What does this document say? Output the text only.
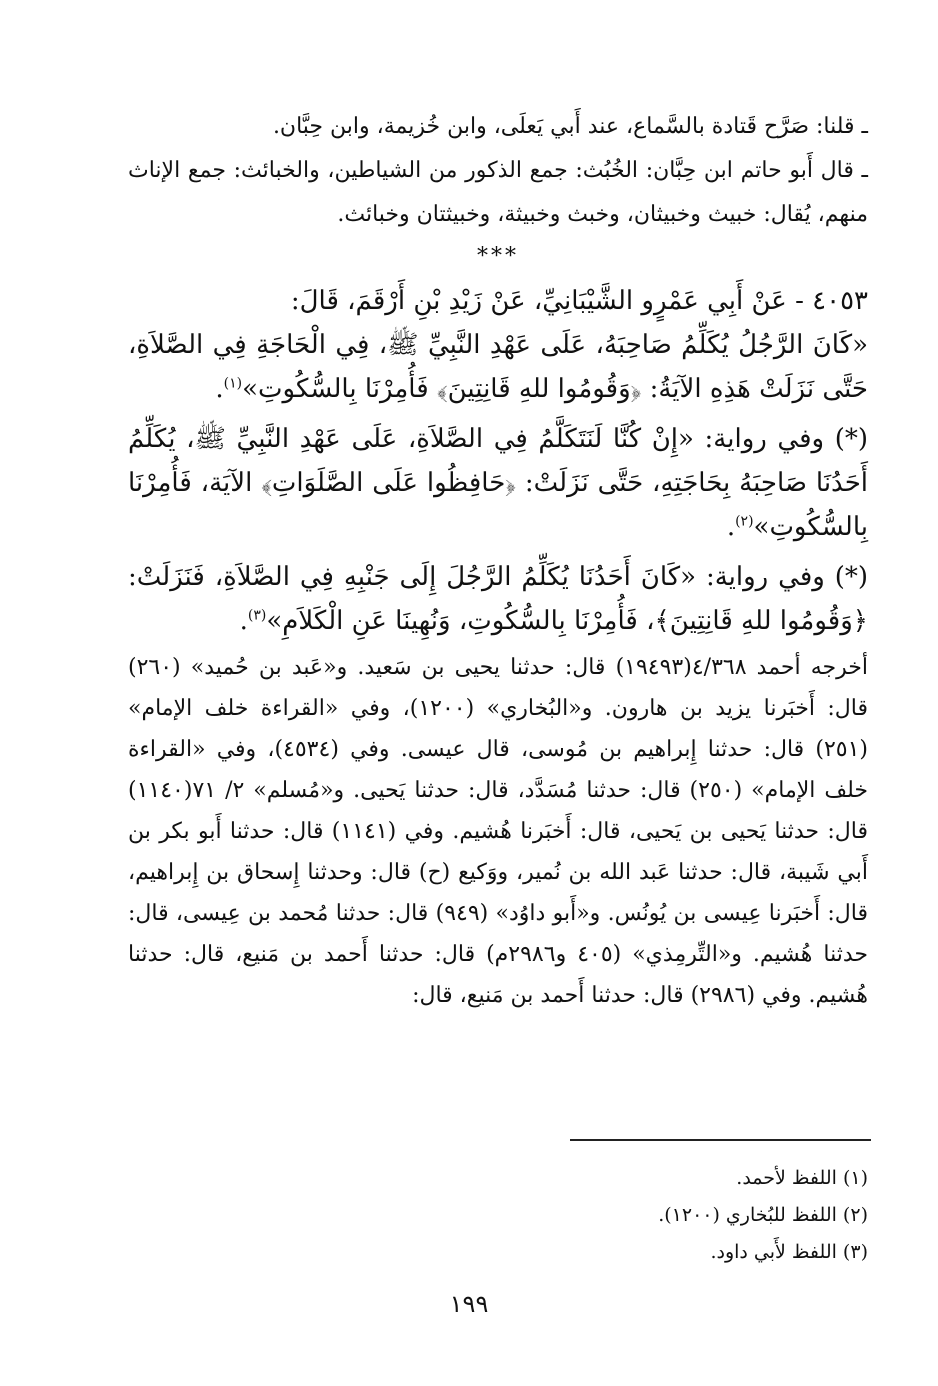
ـ قلنا: صَرَّح قَتادة بالسَّماع، عند أَبي يَعلَى، وابن خُزيمة، وابن حِبَّان.

ـ قال أَبو حاتم ابن حِبَّان: الخُبُث: جمع الذكور من الشياطين، والخبائث: جمع الإناث منهم، يُقال: خبيث وخبيثان، وخبث وخبيثة، وخبيثتان وخبائث.

***

٤٠٥٣ - عَنْ أَبِي عَمْرٍو الشَّيْبَانِيِّ، عَنْ زَيْدِ بْنِ أَرْقَمَ، قَالَ:

«كَانَ الرَّجُلُ يُكَلِّمُ صَاحِبَهُ، عَلَى عَهْدِ النَّبِيِّ ﷺ، فِي الْحَاجَةِ فِي الصَّلاَةِ، حَتَّى نَزَلَتْ هَذِهِ الآيَةُ: ﴿وَقُومُوا للهِ قَانِتِينَ﴾ فَأُمِرْنَا بِالسُّكُوتِ»$^{(١)}$.

(*) وفي رواية: «إِنْ كُنَّا لَنَتَكَلَّمُ فِي الصَّلاَةِ، عَلَى عَهْدِ النَّبِيِّ ﷺ، يُكَلِّمُ أَحَدُنَا صَاحِبَهُ بِحَاجَتِهِ، حَتَّى نَزَلَتْ: ﴿حَافِظُوا عَلَى الصَّلَوَاتِ﴾ الآيَة، فَأُمِرْنَا بِالسُّكُوتِ»$^{(٢)}$.

(*) وفي رواية: «كَانَ أَحَدُنَا يُكَلِّمُ الرَّجُلَ إِلَى جَنْبِهِ فِي الصَّلاَةِ، فَنَزَلَتْ: ﴿وَقُومُوا للهِ قَانِتِينَ﴾، فَأُمِرْنَا بِالسُّكُوتِ، وَنُهِينَا عَنِ الْكَلاَمِ»$^{(٣)}$.

أخرجه أحمد ٤/٣٦٨(١٩٤٩٣) قال: حدثنا يحيى بن سَعيد. و«عَبد بن حُميد» (٢٦٠) قال: أَخبَرنا يزيد بن هارون. و«البُخاري» (١٢٠٠)، وفي «القراءة خلف الإمام» (٢٥١) قال: حدثنا إِبراهيم بن مُوسى، قال عيسى. وفي (٤٥٣٤)، وفي «القراءة خلف الإمام» (٢٥٠) قال: حدثنا مُسَدَّد، قال: حدثنا يَحيى. و«مُسلم» ٢/ ٧١(١١٤٠) قال: حدثنا يَحيى بن يَحيى، قال: أَخبَرنا هُشيم. وفي (١١٤١) قال: حدثنا أَبو بكر بن أَبي شَيبة، قال: حدثنا عَبد الله بن نُمير، ووَكيع (ح) قال: وحدثنا إِسحاق بن إِبراهيم، قال: أَخبَرنا عِيسى بن يُونُس. و«أَبو داوُد» (٩٤٩) قال: حدثنا مُحمد بن عِيسى، قال: حدثنا هُشيم. و«التِّرمِذي» (٤٠٥ و٢٩٨٦م) قال: حدثنا أَحمد بن مَنيع، قال: حدثنا هُشيم. وفي (٢٩٨٦) قال: حدثنا أَحمد بن مَنيع، قال:

(١) اللفظ لأحمد.

(٢) اللفظ للبُخاري (١٢٠٠).

(٣) اللفظ لأَبي داود.

١٩٩
